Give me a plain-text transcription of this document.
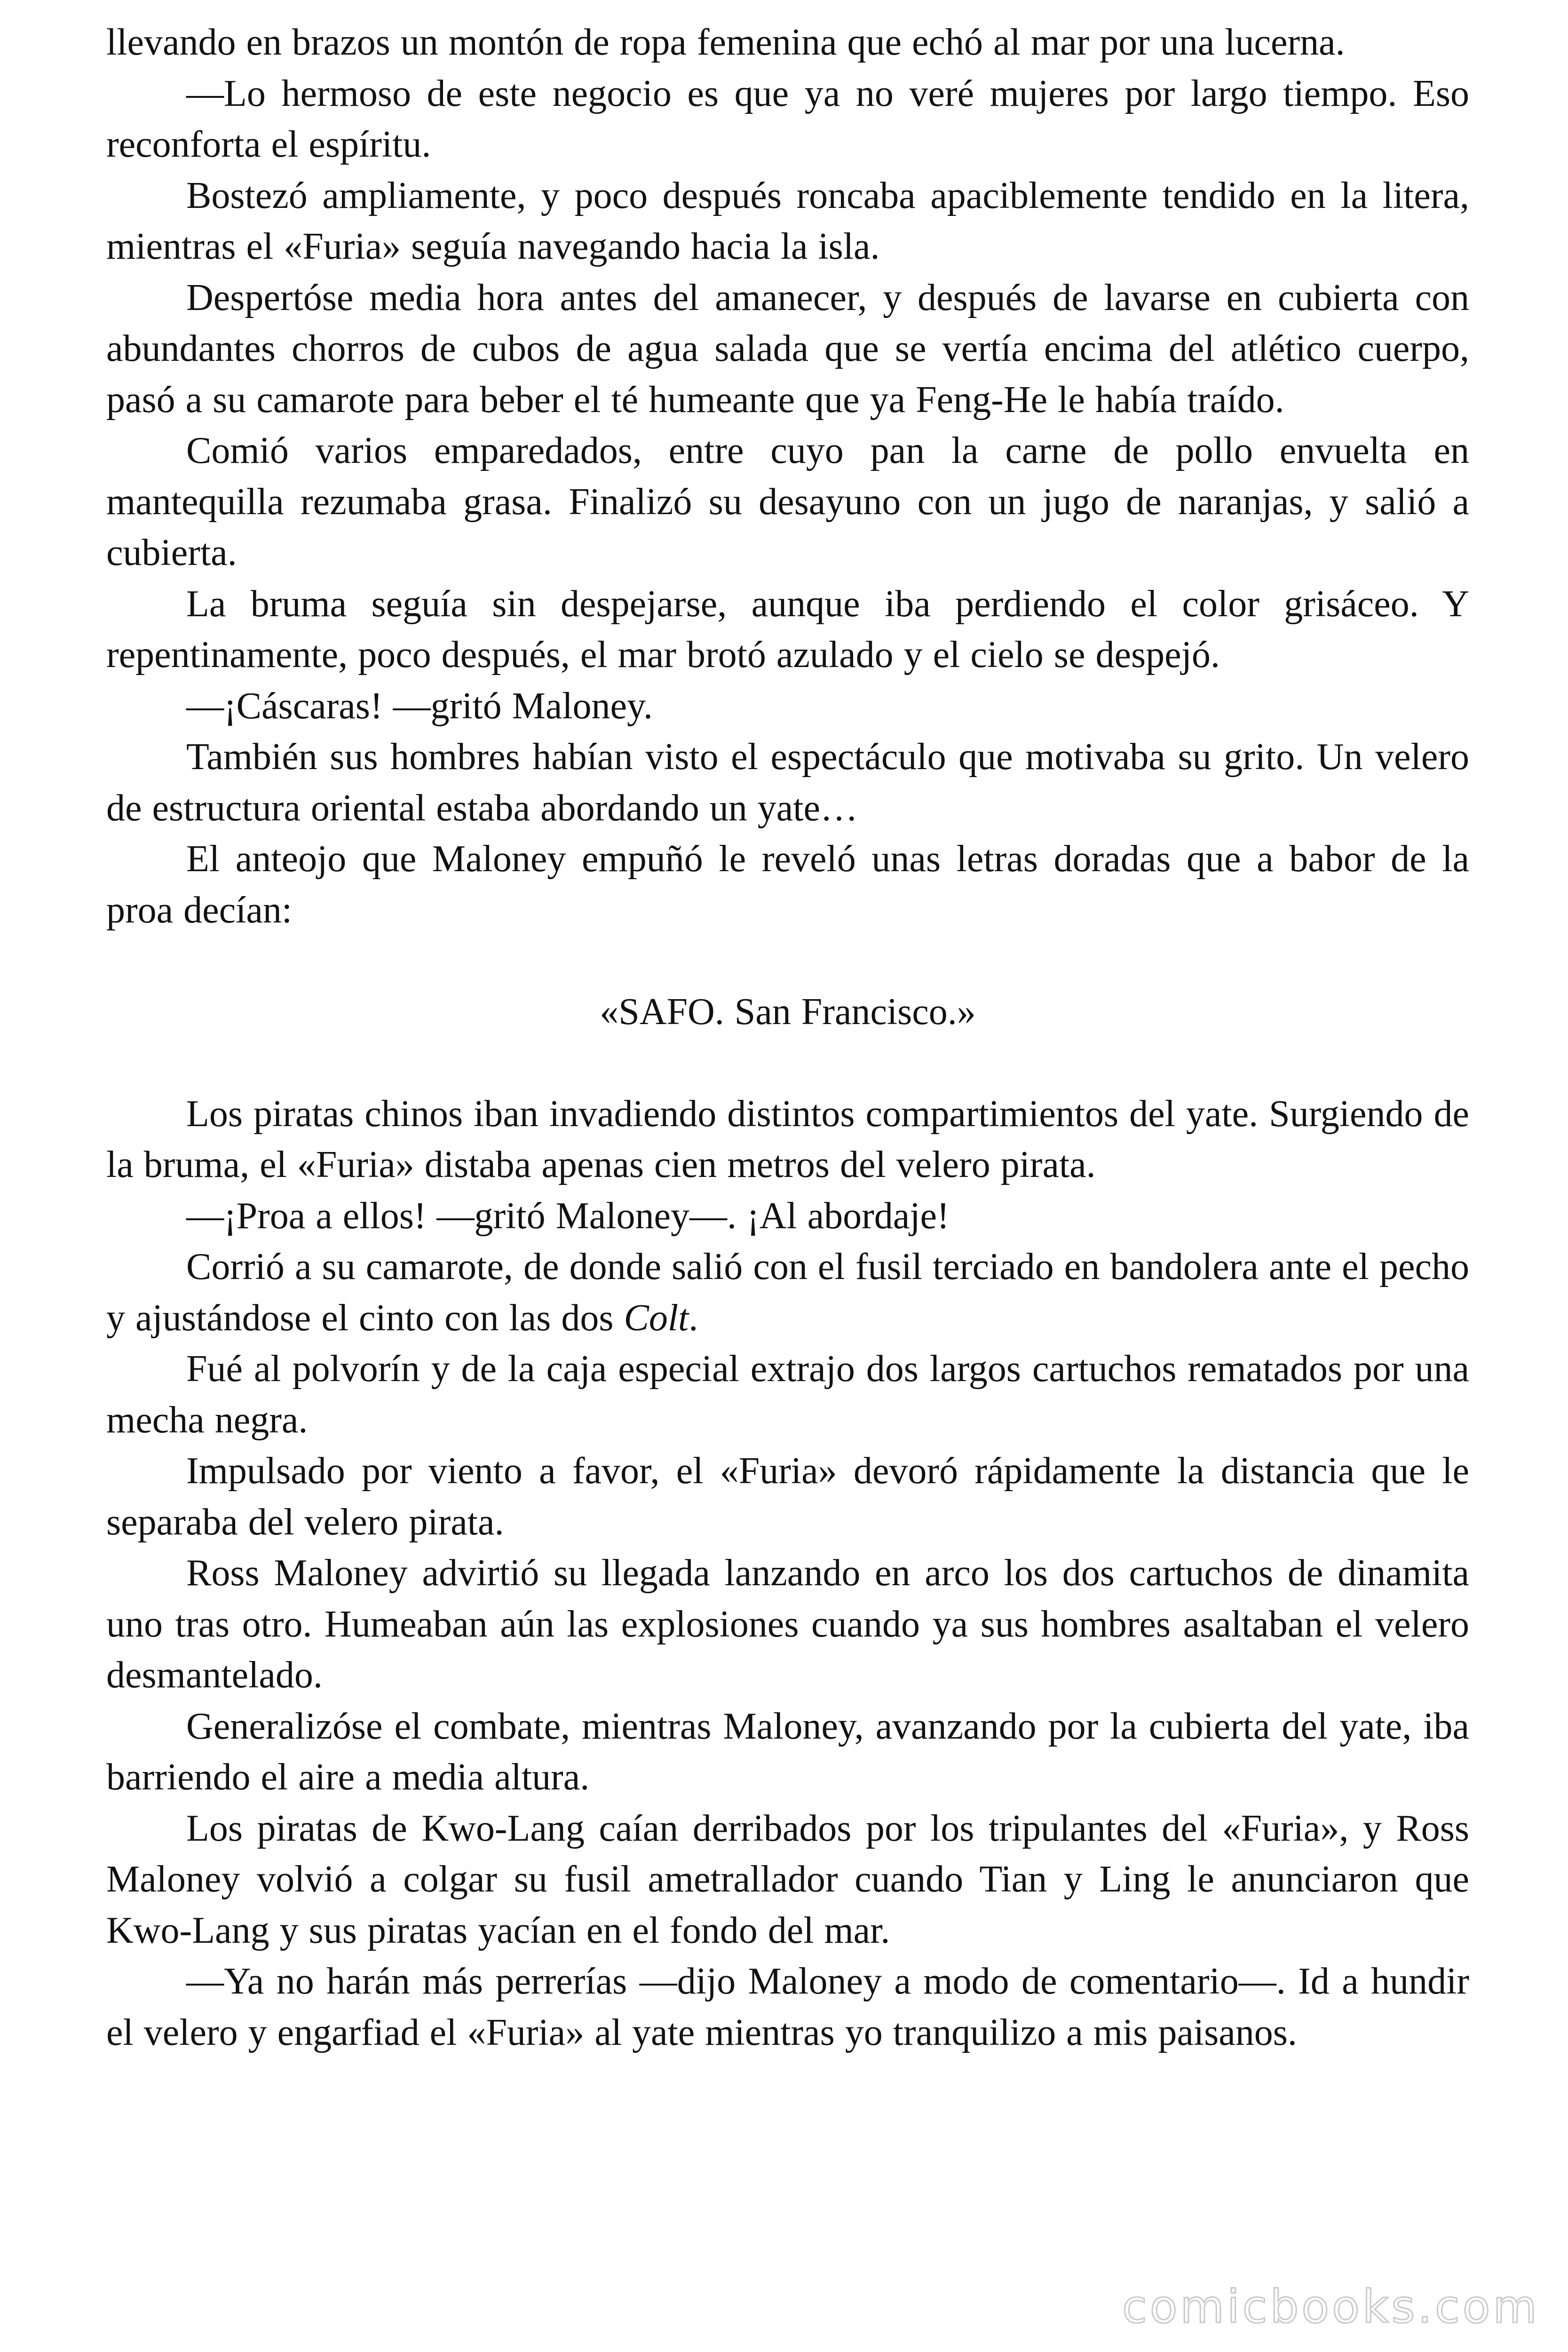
llevando en brazos un montón de ropa femenina que echó al mar por una lucerna.

—Lo hermoso de este negocio es que ya no veré mujeres por largo tiempo. Eso reconforta el espíritu.

Bostezó ampliamente, y poco después roncaba apaciblemente tendido en la litera, mientras el «Furia» seguía navegando hacia la isla.

Despertóse media hora antes del amanecer, y después de lavarse en cubierta con abundantes chorros de cubos de agua salada que se vertía encima del atlético cuerpo, pasó a su camarote para beber el té humeante que ya Feng-He le había traído.

Comió varios emparedados, entre cuyo pan la carne de pollo envuelta en mantequilla rezumaba grasa. Finalizó su desayuno con un jugo de naranjas, y salió a cubierta.

La bruma seguía sin despejarse, aunque iba perdiendo el color grisáceo. Y repentinamente, poco después, el mar brotó azulado y el cielo se despejó.

—¡Cáscaras! —gritó Maloney.

También sus hombres habían visto el espectáculo que motivaba su grito. Un velero de estructura oriental estaba abordando un yate…

El anteojo que Maloney empuñó le reveló unas letras doradas que a babor de la proa decían:

«SAFO. San Francisco.»

Los piratas chinos iban invadiendo distintos compartimientos del yate. Surgiendo de la bruma, el «Furia» distaba apenas cien metros del velero pirata.

—¡Proa a ellos! —gritó Maloney—. ¡Al abordaje!

Corrió a su camarote, de donde salió con el fusil terciado en bandolera ante el pecho y ajustándose el cinto con las dos Colt.

Fué al polvorín y de la caja especial extrajo dos largos cartuchos rematados por una mecha negra.

Impulsado por viento a favor, el «Furia» devoró rápidamente la distancia que le separaba del velero pirata.

Ross Maloney advirtió su llegada lanzando en arco los dos cartuchos de dinamita uno tras otro. Humeaban aún las explosiones cuando ya sus hombres asaltaban el velero desmantelado.

Generalizóse el combate, mientras Maloney, avanzando por la cubierta del yate, iba barriendo el aire a media altura.

Los piratas de Kwo-Lang caían derribados por los tripulantes del «Furia», y Ross Maloney volvió a colgar su fusil ametrallador cuando Tian y Ling le anunciaron que Kwo-Lang y sus piratas yacían en el fondo del mar.

—Ya no harán más perrerías —dijo Maloney a modo de comentario—. Id a hundir el velero y engarfiad el «Furia» al yate mientras yo tranquilizo a mis paisanos.

comicbooks.com
